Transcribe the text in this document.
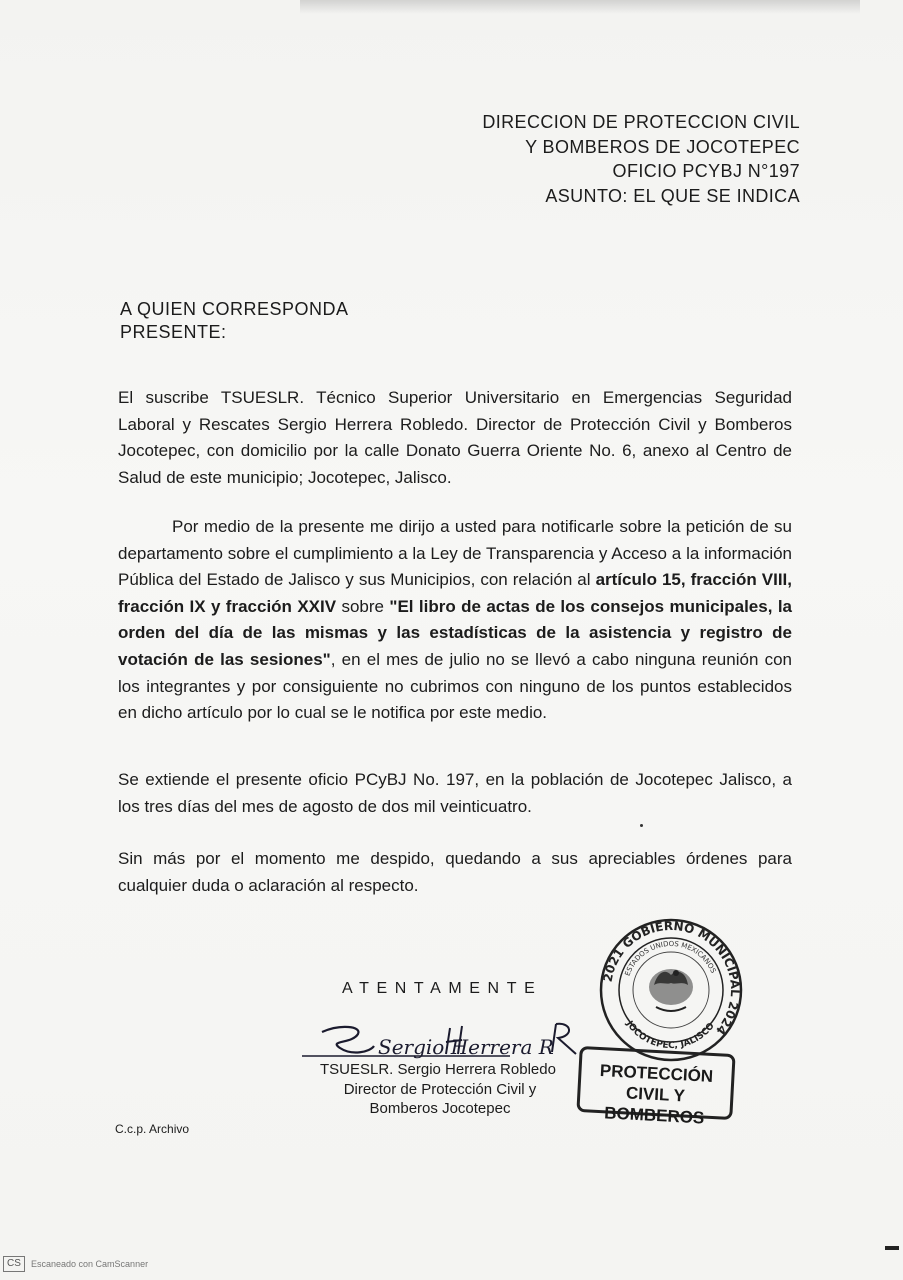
DIRECCION DE PROTECCION CIVIL
Y BOMBEROS DE JOCOTEPEC
OFICIO PCYBJ N°197
ASUNTO: EL QUE SE INDICA
A QUIEN CORRESPONDA
PRESENTE:
El suscribe TSUESLR. Técnico Superior Universitario en Emergencias Seguridad Laboral y Rescates Sergio Herrera Robledo. Director de Protección Civil y Bomberos Jocotepec, con domicilio por la calle Donato Guerra Oriente No. 6, anexo al Centro de Salud de este municipio; Jocotepec, Jalisco.
Por medio de la presente me dirijo a usted para notificarle sobre la petición de su departamento sobre el cumplimiento a la Ley de Transparencia y Acceso a la información Pública del Estado de Jalisco y sus Municipios, con relación al artículo 15, fracción VIII, fracción IX y fracción XXIV sobre "El libro de actas de los consejos municipales, la orden del día de las mismas y las estadísticas de la asistencia y registro de votación de las sesiones", en el mes de julio no se llevó a cabo ninguna reunión con los integrantes y por consiguiente no cubrimos con ninguno de los puntos establecidos en dicho artículo por lo cual se le notifica por este medio.
Se extiende el presente oficio PCyBJ No. 197, en la población de Jocotepec Jalisco, a los tres días del mes de agosto de dos mil veinticuatro.
Sin más por el momento me despido, quedando a sus apreciables órdenes para cualquier duda o aclaración al respecto.
ATENTAMENTE
Sergio Herrera R
TSUESLR. Sergio Herrera Robledo
Director de Protección Civil y
Bomberos Jocotepec
2021 GOBIERNO MUNICIPAL 2024
ESTADOS UNIDOS MEXICANOS
JOCOTEPEC, JALISCO
PROTECCIÓN
CIVIL Y BOMBEROS
C.c.p. Archivo
CS	Escaneado con CamScanner
